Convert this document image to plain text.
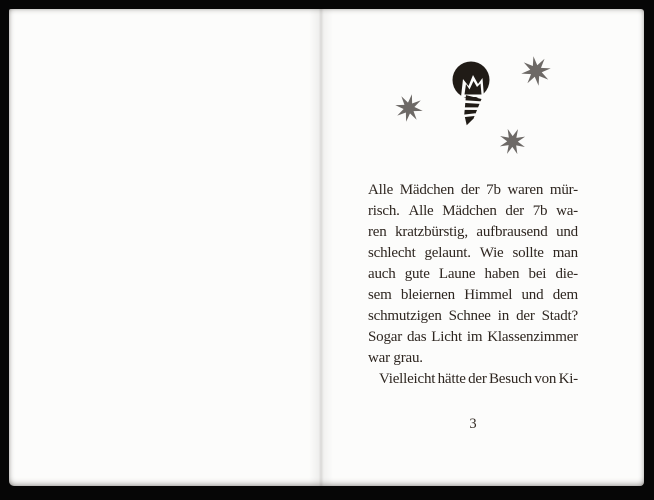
Alle Mädchen der 7b waren mür-
risch. Alle Mädchen der 7b wa-
ren kratzbürstig, aufbrausend und
schlecht gelaunt. Wie sollte man
auch gute Laune haben bei die-
sem bleiernen Himmel und dem
schmutzigen Schnee in der Stadt?
Sogar das Licht im Klassenzimmer
war grau.
Vielleicht hätte der Besuch von Ki-
3
